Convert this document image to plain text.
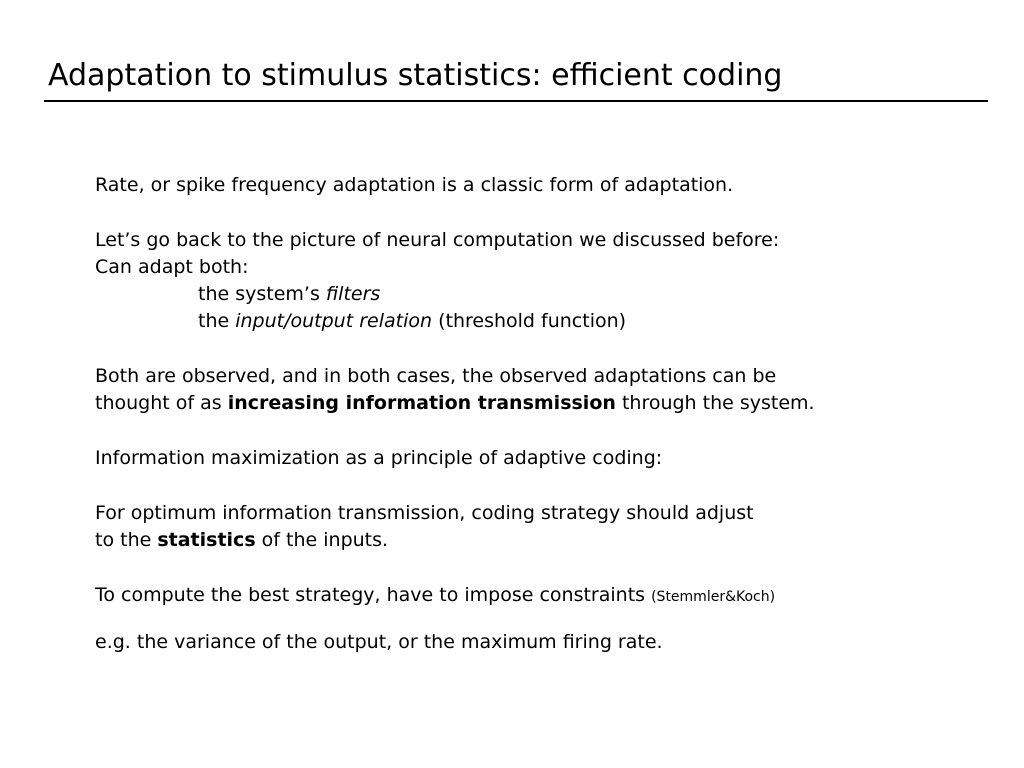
Adaptation to stimulus statistics: efficient coding
Rate, or spike frequency adaptation is a classic form of adaptation.
Let’s go back to the picture of neural computation we discussed before:
Can adapt both:
the system’s filters
the input/output relation (threshold function)
Both are observed, and in both cases, the observed adaptations can be
thought of as increasing information transmission through the system.
Information maximization as a principle of adaptive coding:
For optimum information transmission, coding strategy should adjust
to the statistics of the inputs.
To compute the best strategy, have to impose constraints (Stemmler&Koch)
e.g. the variance of the output, or the maximum firing rate.
